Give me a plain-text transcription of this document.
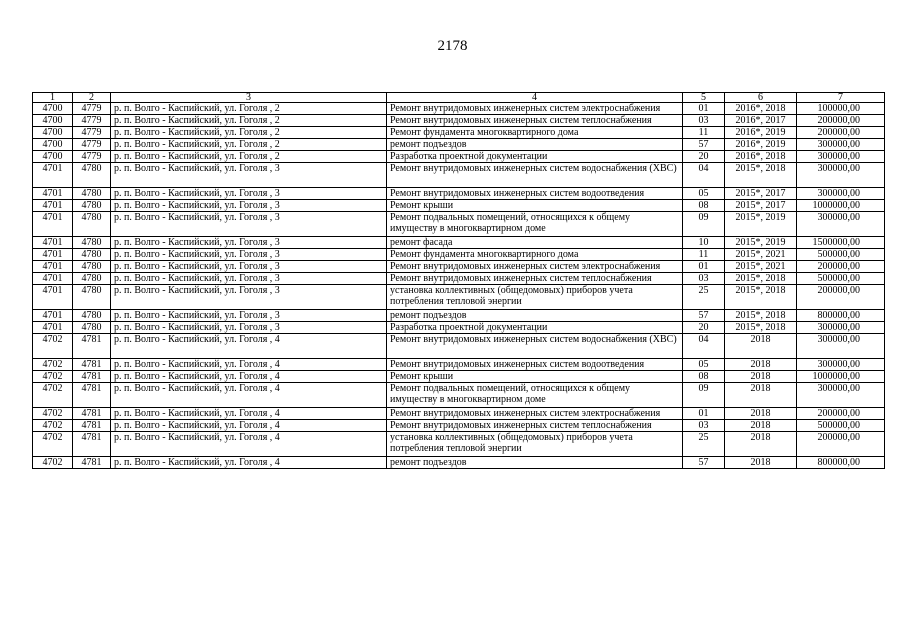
2178
1	2	3	4	5	6	7
4700	4779	р. п. Волго - Каспийский, ул. Гоголя , 2	Ремонт внутридомовых инженерных систем электроснабжения	01	2016*, 2018	100000,00
4700	4779	р. п. Волго - Каспийский, ул. Гоголя , 2	Ремонт внутридомовых инженерных систем теплоснабжения	03	2016*, 2017	200000,00
4700	4779	р. п. Волго - Каспийский, ул. Гоголя , 2	Ремонт фундамента многоквартирного дома	11	2016*, 2019	200000,00
4700	4779	р. п. Волго - Каспийский, ул. Гоголя , 2	ремонт подъездов	57	2016*, 2019	300000,00
4700	4779	р. п. Волго - Каспийский, ул. Гоголя , 2	Разработка проектной документации	20	2016*, 2018	300000,00
4701	4780	р. п. Волго - Каспийский, ул. Гоголя , 3	Ремонт внутридомовых инженерных систем водоснабжения (ХВС)	04	2015*, 2018	300000,00
4701	4780	р. п. Волго - Каспийский, ул. Гоголя , 3	Ремонт внутридомовых инженерных систем водоотведения	05	2015*, 2017	300000,00
4701	4780	р. п. Волго - Каспийский, ул. Гоголя , 3	Ремонт крыши	08	2015*, 2017	1000000,00
4701	4780	р. п. Волго - Каспийский, ул. Гоголя , 3	Ремонт подвальных помещений, относящихся к общему имуществу в многоквартирном доме	09	2015*, 2019	300000,00
4701	4780	р. п. Волго - Каспийский, ул. Гоголя , 3	ремонт фасада	10	2015*, 2019	1500000,00
4701	4780	р. п. Волго - Каспийский, ул. Гоголя , 3	Ремонт фундамента многоквартирного дома	11	2015*, 2021	500000,00
4701	4780	р. п. Волго - Каспийский, ул. Гоголя , 3	Ремонт внутридомовых инженерных систем электроснабжения	01	2015*, 2021	200000,00
4701	4780	р. п. Волго - Каспийский, ул. Гоголя , 3	Ремонт внутридомовых инженерных систем теплоснабжения	03	2015*, 2018	500000,00
4701	4780	р. п. Волго - Каспийский, ул. Гоголя , 3	установка коллективных (общедомовых) приборов учета потребления тепловой энергии	25	2015*, 2018	200000,00
4701	4780	р. п. Волго - Каспийский, ул. Гоголя , 3	ремонт подъездов	57	2015*, 2018	800000,00
4701	4780	р. п. Волго - Каспийский, ул. Гоголя , 3	Разработка проектной документации	20	2015*, 2018	300000,00
4702	4781	р. п. Волго - Каспийский, ул. Гоголя , 4	Ремонт внутридомовых инженерных систем водоснабжения (ХВС)	04	2018	300000,00
4702	4781	р. п. Волго - Каспийский, ул. Гоголя , 4	Ремонт внутридомовых инженерных систем водоотведения	05	2018	300000,00
4702	4781	р. п. Волго - Каспийский, ул. Гоголя , 4	Ремонт крыши	08	2018	1000000,00
4702	4781	р. п. Волго - Каспийский, ул. Гоголя , 4	Ремонт подвальных помещений, относящихся к общему имуществу в многоквартирном доме	09	2018	300000,00
4702	4781	р. п. Волго - Каспийский, ул. Гоголя , 4	Ремонт внутридомовых инженерных систем электроснабжения	01	2018	200000,00
4702	4781	р. п. Волго - Каспийский, ул. Гоголя , 4	Ремонт внутридомовых инженерных систем теплоснабжения	03	2018	500000,00
4702	4781	р. п. Волго - Каспийский, ул. Гоголя , 4	установка коллективных (общедомовых) приборов учета потребления тепловой энергии	25	2018	200000,00
4702	4781	р. п. Волго - Каспийский, ул. Гоголя , 4	ремонт подъездов	57	2018	800000,00
